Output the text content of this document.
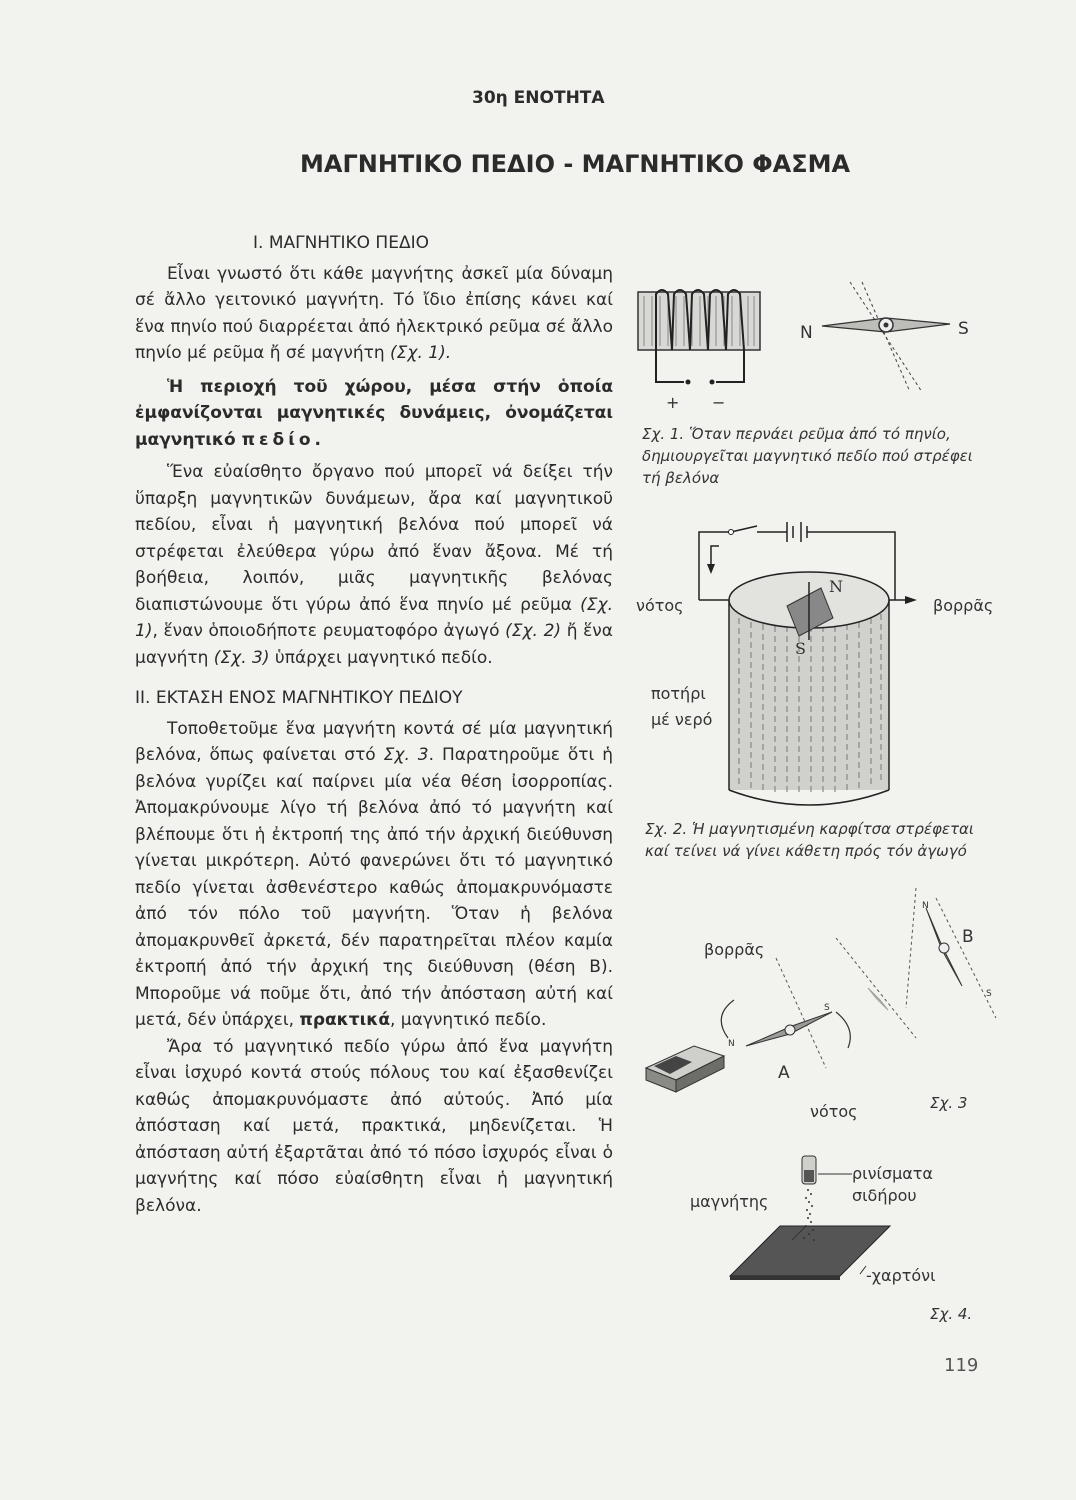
30η ΕΝΟΤΗΤΑ
ΜΑΓΝΗΤΙΚΟ ΠΕΔΙΟ - ΜΑΓΝΗΤΙΚΟ ΦΑΣΜΑ
I. ΜΑΓΝΗΤΙΚΟ ΠΕΔΙΟ

Εἶναι γνωστό ὅτι κάθε μαγνήτης ἀσκεῖ μία δύναμη σέ ἄλλο γειτονικό μαγνήτη. Τό ἴδιο ἐπίσης κάνει καί ἕνα πηνίο πού διαρρέεται ἀπό ἠλεκτρικό ρεῦμα σέ ἄλλο πηνίο μέ ρεῦμα ἤ σέ μαγνήτη (Σχ. 1).

Ἡ περιοχή τοῦ χώρου, μέσα στήν ὁποία ἐμφανίζονται μαγνητικές δυνάμεις, ὀνομάζεται μαγνητικό πεδίο.

Ἕνα εὐαίσθητο ὄργανο πού μπορεῖ νά δείξει τήν ὕπαρξη μαγνητικῶν δυνάμεων, ἄρα καί μαγνητικοῦ πεδίου, εἶναι ἡ μαγνητική βελόνα πού μπορεῖ νά στρέφεται ἐλεύθερα γύρω ἀπό ἕναν ἄξονα. Μέ τή βοήθεια, λοιπόν, μιᾶς μαγνητικῆς βελόνας διαπιστώνουμε ὅτι γύρω ἀπό ἕνα πηνίο μέ ρεῦμα (Σχ. 1), ἕναν ὁποιοδήποτε ρευματοφόρο ἀγωγό (Σχ. 2) ἤ ἕνα μαγνήτη (Σχ. 3) ὑπάρχει μαγνητικό πεδίο.

II. ΕΚΤΑΣΗ ΕΝΟΣ ΜΑΓΝΗΤΙΚΟΥ ΠΕΔΙΟΥ

Τοποθετοῦμε ἕνα μαγνήτη κοντά σέ μία μαγνητική βελόνα, ὅπως φαίνεται στό Σχ. 3. Παρατηροῦμε ὅτι ἡ βελόνα γυρίζει καί παίρνει μία νέα θέση ἰσορροπίας. Ἀπομακρύνουμε λίγο τή βελόνα ἀπό τό μαγνήτη καί βλέπουμε ὅτι ἡ ἐκτροπή της ἀπό τήν ἀρχική διεύθυνση γίνεται μικρότερη. Αὐτό φανερώνει ὅτι τό μαγνητικό πεδίο γίνεται ἀσθενέστερο καθώς ἀπομακρυνόμαστε ἀπό τόν πόλο τοῦ μαγνήτη. Ὅταν ἡ βελόνα ἀπομακρυνθεῖ ἀρκετά, δέν παρατηρεῖται πλέον καμία ἐκτροπή ἀπό τήν ἀρχική της διεύθυνση (θέση Β). Μποροῦμε νά ποῦμε ὅτι, ἀπό τήν ἀπόσταση αὐτή καί μετά, δέν ὑπάρχει, πρακτικά, μαγνητικό πεδίο.

Ἄρα τό μαγνητικό πεδίο γύρω ἀπό ἕνα μαγνήτη εἶναι ἰσχυρό κοντά στούς πόλους του καί ἐξασθενίζει καθώς ἀπομακρυνόμαστε ἀπό αὐτούς. Ἀπό μία ἀπόσταση καί μετά, πρακτικά, μηδενίζεται. Ἡ ἀπόσταση αὐτή ἐξαρτᾶται ἀπό τό πόσο ἰσχυρός εἶναι ὁ μαγνήτης καί πόσο εὐαίσθητη εἶναι ἡ μαγνητική βελόνα.

+ −
N	S
Σχ. 1. Ὅταν περνάει ρεῦμα ἀπό τό πηνίο, δημιουργεῖται μαγνητικό πεδίο πού στρέφει τή βελόνα
N
S
νότος	βορρᾶς
ποτήρι
μέ νερό
Σχ. 2. Ἡ μαγνητισμένη καρφίτσα στρέφεται καί τείνει νά γίνει κάθετη πρός τόν ἀγωγό
A
B
N
S
N
S
βορρᾶς
νότος	Σχ. 3
ρινίσματα
σιδήρου
μαγνήτης
-χαρτόνι
Σχ. 4.
119
